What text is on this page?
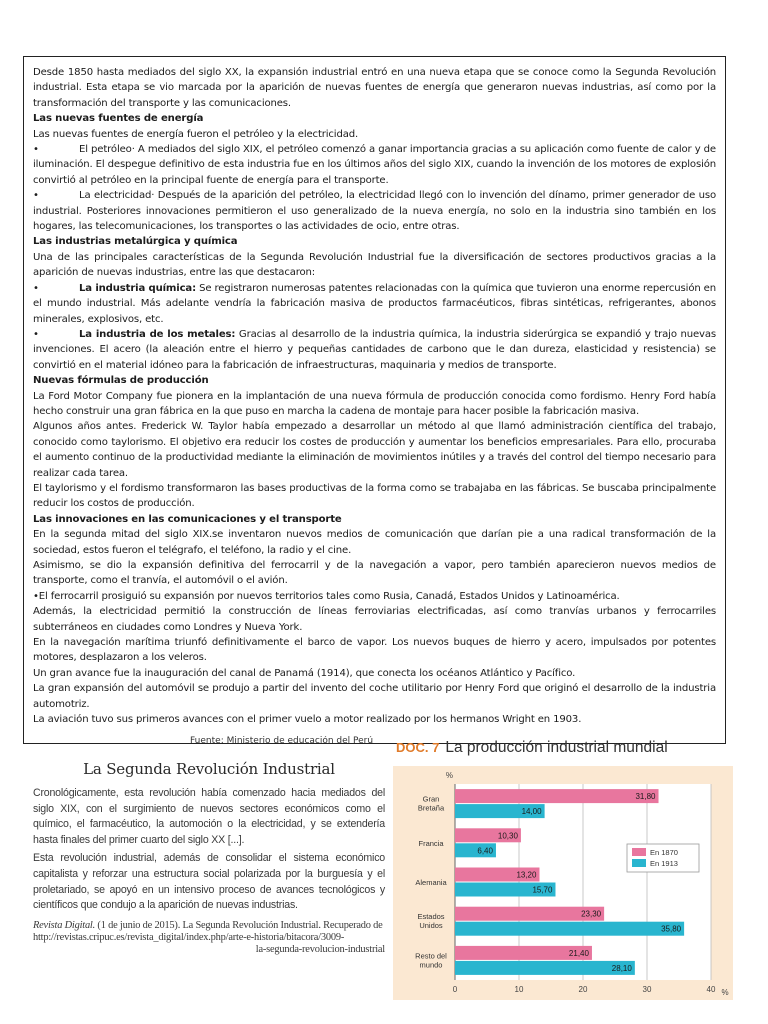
Desde 1850 hasta mediados del siglo XX, la expansión industrial entró en una nueva etapa que se conoce como la Segunda Revolución industrial. Esta etapa se vio marcada por la aparición de nuevas fuentes de energía que generaron nuevas industrias, así como por la transformación del transporte y las comunicaciones.

Las nuevas fuentes de energía

Las nuevas fuentes de energía fueron el petróleo y la electricidad.

•	El petróleo· A mediados del siglo XIX, el petróleo comenzó a ganar importancia gracias a su aplicación como fuente de calor y de iluminación. El despegue definitivo de esta industria fue en los últimos años del siglo XIX, cuando la invención de los motores de explosión convirtió al petróleo en la principal fuente de energía para el transporte.

•	La electricidad· Después de la aparición del petróleo, la electricidad llegó con lo invención del dínamo, primer generador de uso industrial. Posteriores innovaciones permitieron el uso generalizado de la nueva energía, no solo en la industria sino también en los hogares, las telecomunicaciones, los transportes o las actividades de ocio, entre otras.

Las industrias metalúrgica y química

Una de las principales características de la Segunda Revolución Industrial fue la diversificación de sectores productivos gracias a la aparición de nuevas industrias, entre las que destacaron:

•	La industria química: Se registraron numerosas patentes relacionadas con la química que tuvieron una enorme repercusión en el mundo industrial. Más adelante vendría la fabricación masiva de productos farmacéuticos, fibras sintéticas, refrigerantes, abonos minerales, explosivos, etc.

•	La industria de los metales: Gracias al desarrollo de la industria química, la industria siderúrgica se expandió y trajo nuevas invenciones. El acero (la aleación entre el hierro y pequeñas cantidades de carbono que le dan dureza, elasticidad y resistencia) se convirtió en el material idóneo para la fabricación de infraestructuras, maquinaria y medios de transporte.

Nuevas fórmulas de producción

La Ford Motor Company fue pionera en la implantación de una nueva fórmula de producción conocida como fordismo. Henry Ford había hecho construir una gran fábrica en la que puso en marcha la cadena de montaje para hacer posible la fabricación masiva.

Algunos años antes. Frederick W. Taylor había empezado a desarrollar un método al que llamó administración científica del trabajo, conocido como taylorismo. El objetivo era reducir los costes de producción y aumentar los beneficios empresariales. Para ello, procuraba el aumento continuo de la productividad mediante la eliminación de movimientos inútiles y a través del control del tiempo necesario para realizar cada tarea.

El taylorismo y el fordismo transformaron las bases productivas de la forma como se trabajaba en las fábricas. Se buscaba principalmente reducir los costos de producción.

Las innovaciones en las comunicaciones y el transporte

En la segunda mitad del siglo XIX.se inventaron nuevos medios de comunicación que darían pie a una radical transformación de la sociedad, estos fueron el telégrafo, el teléfono, la radio y el cine.

Asimismo, se dio la expansión definitiva del ferrocarril y de la navegación a vapor, pero también aparecieron nuevos medios de transporte, como el tranvía, el automóvil o el avión.

•El ferrocarril prosiguió su expansión por nuevos territorios tales como Rusia, Canadá, Estados Unidos y Latinoamérica.

Además, la electricidad permitió la construcción de líneas ferroviarias electrificadas, así como tranvías urbanos y ferrocarriles subterráneos en ciudades como Londres y Nueva York.

En la navegación marítima triunfó definitivamente el barco de vapor. Los nuevos buques de hierro y acero, impulsados por potentes motores, desplazaron a los veleros.

Un gran avance fue la inauguración del canal de Panamá (1914), que conecta los océanos Atlántico y Pacífico.

La gran expansión del automóvil se produjo a partir del invento del coche utilitario por Henry Ford que originó el desarrollo de la industria automotriz.

La aviación tuvo sus primeros avances con el primer vuelo a motor realizado por los hermanos Wright en 1903.

Fuente: Ministerio de educación del Perú
La Segunda Revolución Industrial

Cronológicamente, esta revolución había comenzado hacia mediados del siglo XIX, con el surgimiento de nuevos sectores económicos como el químico, el farmacéutico, la automoción o la electricidad, y se extendería hasta finales del primer cuarto del siglo XX [...].

Esta revolución industrial, además de consolidar el sistema económico capitalista y reforzar una estructura social polarizada por la burguesía y el proletariado, se apoyó en un intensivo proceso de avances tecnológicos y científicos que condujo a la aparición de nuevas industrias.

Revista Digital. (1 de junio de 2015). La Segunda Revolución Industrial. Recuperado de http://revistas.cripuc.es/revista_digital/index.php/arte-e-historia/bitacora/3009-
la-segunda-revolucion-industrial

DOC. 7 La producción industrial mundial
0	10	20	30	40
%
%
31,80
14,00
Gran
Bretaña
10,30
6,40
Francia
13,20
15,70
Alemania
23,30
35,80
Estados
Unidos
21,40
28,10
Resto del
mundo
En 1870
En 1913
